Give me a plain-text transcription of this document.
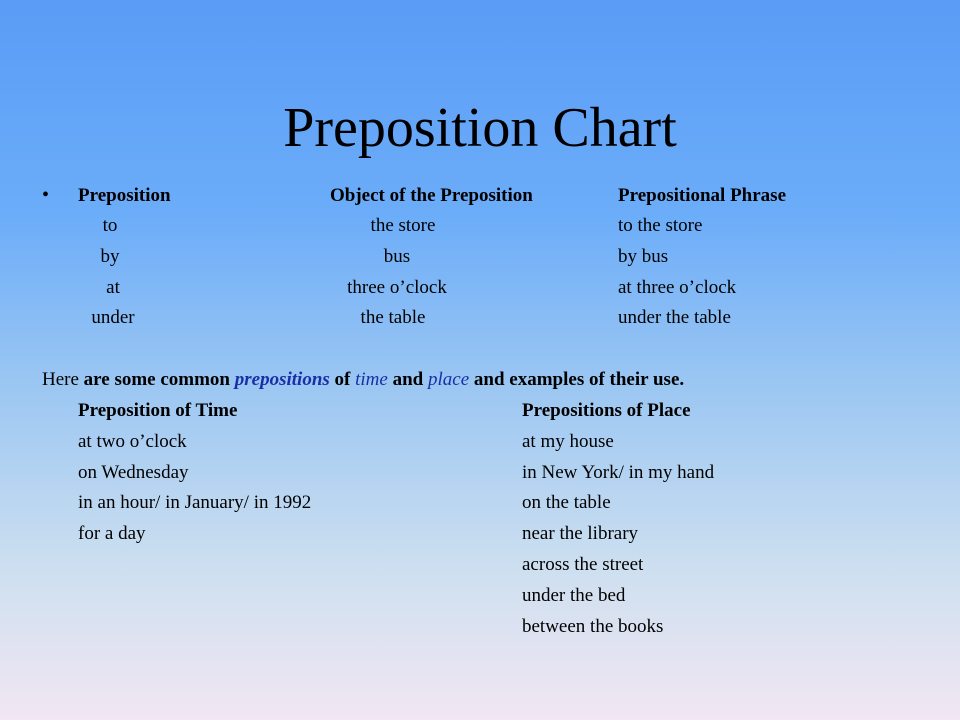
Preposition Chart
• Preposition	Object of the Preposition	Prepositional Phrase
to	the store	to the store
by	bus	by bus
at	three o’clock	at three o’clock
under	the table	under the table
Here are some common prepositions of time and place and examples of their use.
Preposition of Time
at two o’clock
on Wednesday
in an hour/ in January/ in 1992
for a day
Prepositions of Place
at my house
in New York/ in my hand
on the table
near the library
across the street
under the bed
between the books
